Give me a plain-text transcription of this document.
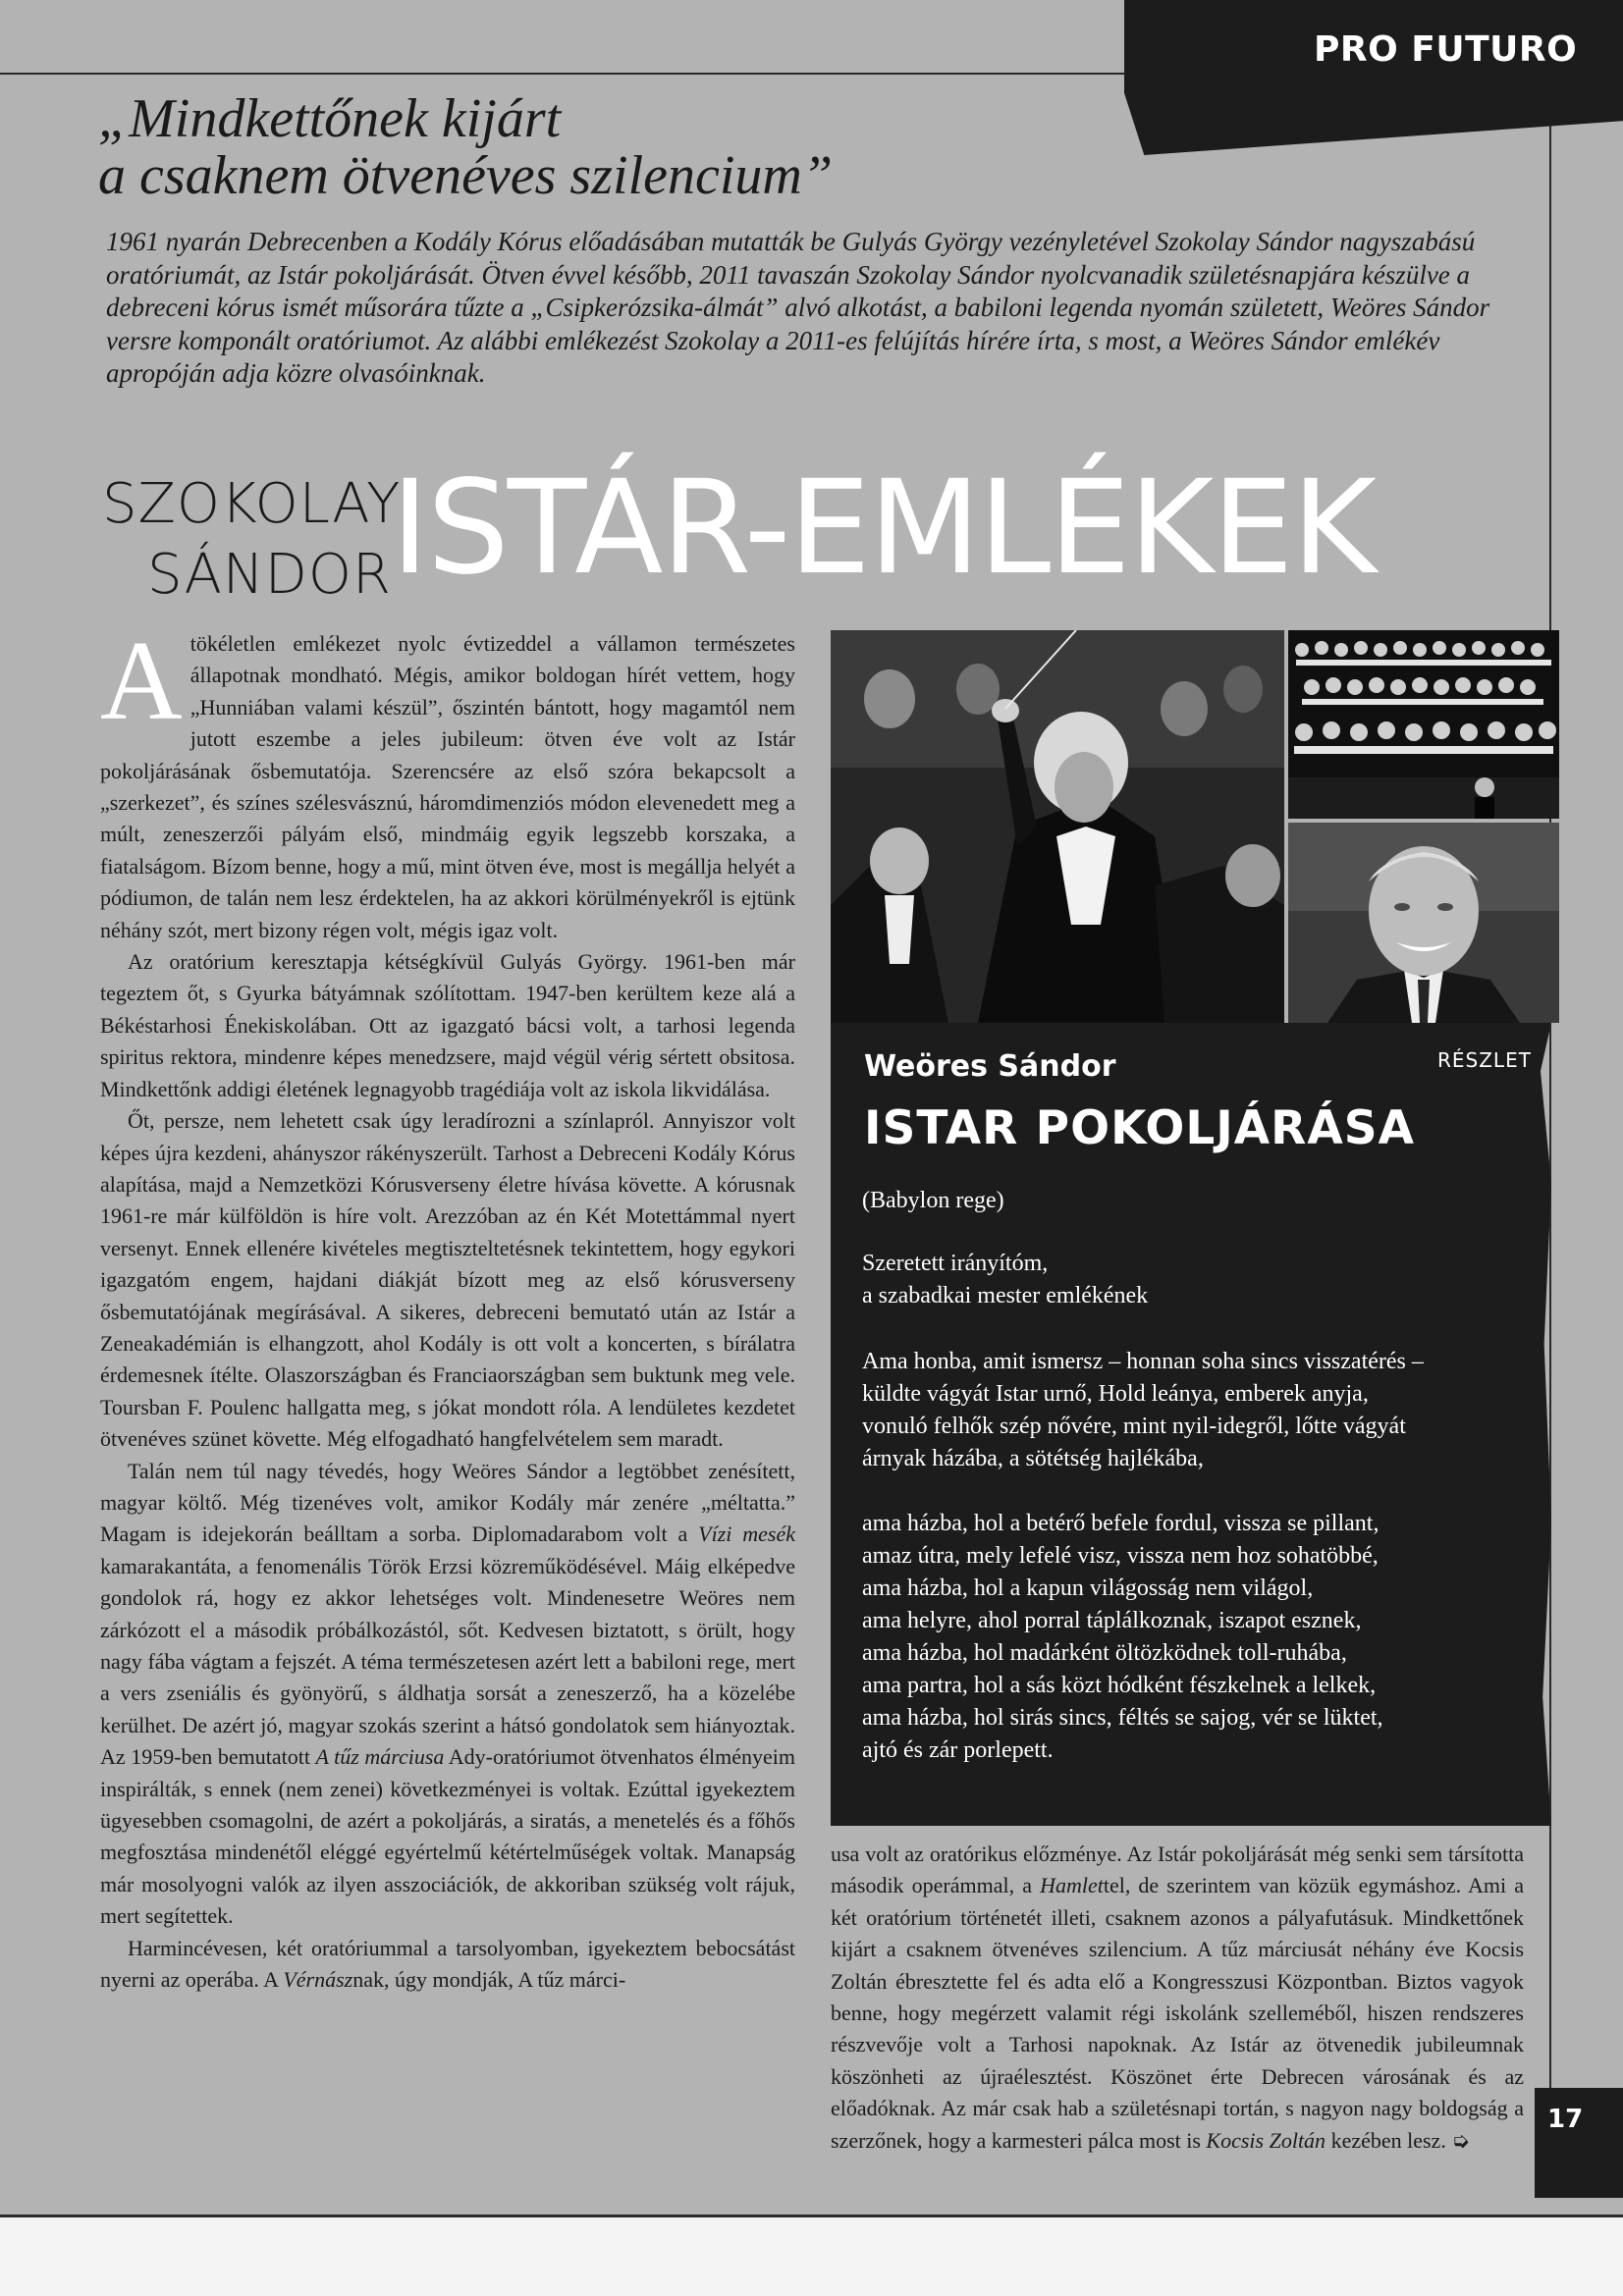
PRO FUTURO
„Mindkettőnek kijárt
a csaknem ötvenéves szilencium”

1961 nyarán Debrecenben a Kodály Kórus előadásában mutatták be Gulyás György vezényletével Szokolay Sándor nagyszabású oratóriumát, az Istár pokoljárását. Ötven évvel később, 2011 tavaszán Szokolay Sándor nyolcvanadik születésnapjára készülve a debreceni kórus ismét műsorára tűzte a „Csipkerózsika-álmát” alvó alkotást, a babiloni legenda nyomán született, Weöres Sándor versre komponált oratóriumot. Az alábbi emlékezést Szokolay a 2011-es felújítás hírére írta, s most, a Weöres Sándor emlékév apropóján adja közre olvasóinknak.

SZOKOLAY
SÁNDOR ISTÁR-EMLÉKEK

Atökéletlen emlékezet nyolc évtizeddel a vállamon természetes állapotnak mondható. Mégis, amikor boldogan hírét vettem, hogy „Hunniában valami készül”, őszintén bántott, hogy magamtól nem jutott eszembe a jeles jubileum: ötven éve volt az Istár pokoljárásának ősbemutatója. Szerencsére az első szóra bekapcsolt a „szerkezet”, és színes szélesvásznú, háromdimenziós módon elevenedett meg a múlt, zeneszerzői pályám első, mindmáig egyik legszebb korszaka, a fiatalságom. Bízom benne, hogy a mű, mint ötven éve, most is megállja helyét a pódiumon, de talán nem lesz érdektelen, ha az akkori körülményekről is ejtünk néhány szót, mert bizony régen volt, mégis igaz volt.

Az oratórium keresztapja kétségkívül Gulyás György. 1961-ben már tegeztem őt, s Gyurka bátyámnak szólítottam. 1947-ben kerültem keze alá a Békéstarhosi Énekiskolában. Ott az igazgató bácsi volt, a tarhosi legenda spiritus rektora, mindenre képes menedzsere, majd végül vérig sértett obsitosa. Mindkettőnk addigi életének legnagyobb tragédiája volt az iskola likvidálása.

Őt, persze, nem lehetett csak úgy leradírozni a színlapról. Annyiszor volt képes újra kezdeni, ahányszor rákényszerült. Tarhost a Debreceni Kodály Kórus alapítása, majd a Nemzetközi Kórusverseny életre hívása követte. A kórusnak 1961-re már külföldön is híre volt. Arezzóban az én Két Motettámmal nyert versenyt. Ennek ellenére kivételes megtiszteltetésnek tekintettem, hogy egykori igazgatóm engem, hajdani diákját bízott meg az első kórusverseny ősbemutatójának megírásával. A sikeres, debreceni bemutató után az Istár a Zeneakadémián is elhangzott, ahol Kodály is ott volt a koncerten, s bírálatra érdemesnek ítélte. Olaszországban és Franciaországban sem buktunk meg vele. Toursban F. Poulenc hallgatta meg, s jókat mondott róla. A lendületes kezdetet ötvenéves szünet követte. Még elfogadható hangfelvételem sem maradt.

Talán nem túl nagy tévedés, hogy Weöres Sándor a legtöbbet zenésített, magyar költő. Még tizenéves volt, amikor Kodály már zenére „méltatta.” Magam is idejekorán beálltam a sorba. Diplomadarabom volt a Vízi mesék kamarakantáta, a fenomenális Török Erzsi közreműködésével. Máig elképedve gondolok rá, hogy ez akkor lehetséges volt. Mindenesetre Weöres nem zárkózott el a második próbálkozástól, sőt. Kedvesen biztatott, s örült, hogy nagy fába vágtam a fejszét. A téma természetesen azért lett a babiloni rege, mert a vers zseniális és gyönyörű, s áldhatja sorsát a zeneszerző, ha a közelébe kerülhet. De azért jó, magyar szokás szerint a hátsó gondolatok sem hiányoztak. Az 1959-ben bemutatott A tűz márciusa Ady-oratóriumot ötvenhatos élményeim inspirálták, s ennek (nem zenei) következményei is voltak. Ezúttal igyekeztem ügyesebben csomagolni, de azért a pokoljárás, a siratás, a menetelés és a főhős megfosztása mindenétől eléggé egyértelmű kétértelműségek voltak. Manapság már mosolyogni valók az ilyen asszociációk, de akkoriban szükség volt rájuk, mert segítettek.

Harmincévesen, két oratóriummal a tarsolyomban, igyekeztem bebocsátást nyerni az operába. A Vérnásznak, úgy mondják, A tűz márci-

Weöres Sándor	RÉSZLET
ISTAR POKOLJÁRÁSA
(Babylon rege)
Szeretett irányítóm,
a szabadkai mester emlékének
Ama honba, amit ismersz – honnan soha sincs visszatérés –
küldte vágyát Istar urnő, Hold leánya, emberek anyja,
vonuló felhők szép nővére, mint nyil-idegről, lőtte vágyát
árnyak házába, a sötétség hajlékába,
ama házba, hol a betérő befele fordul, vissza se pillant,
amaz útra, mely lefelé visz, vissza nem hoz sohatöbbé,
ama házba, hol a kapun világosság nem világol,
ama helyre, ahol porral táplálkoznak, iszapot esznek,
ama házba, hol madárként öltözködnek toll-ruhába,
ama partra, hol a sás közt hódként fészkelnek a lelkek,
ama házba, hol sirás sincs, féltés se sajog, vér se lüktet,
ajtó és zár porlepett.

usa volt az oratórikus előzménye. Az Istár pokoljárását még senki sem társította második operámmal, a Hamlettel, de szerintem van közük egymáshoz. Ami a két oratórium történetét illeti, csaknem azonos a pályafutásuk. Mindkettőnek kijárt a csaknem ötvenéves szilencium. A tűz márciusát néhány éve Kocsis Zoltán ébresztette fel és adta elő a Kongresszusi Központban. Biztos vagyok benne, hogy megérzett valamit régi iskolánk szelleméből, hiszen rendszeres részvevője volt a Tarhosi napoknak. Az Istár az ötvenedik jubileumnak köszönheti az újraélesztést. Köszönet érte Debrecen városának és az előadóknak. Az már csak hab a születésnapi tortán, s nagyon nagy boldogság a szerzőnek, hogy a karmesteri pálca most is Kocsis Zoltán kezében lesz. ➭

17
